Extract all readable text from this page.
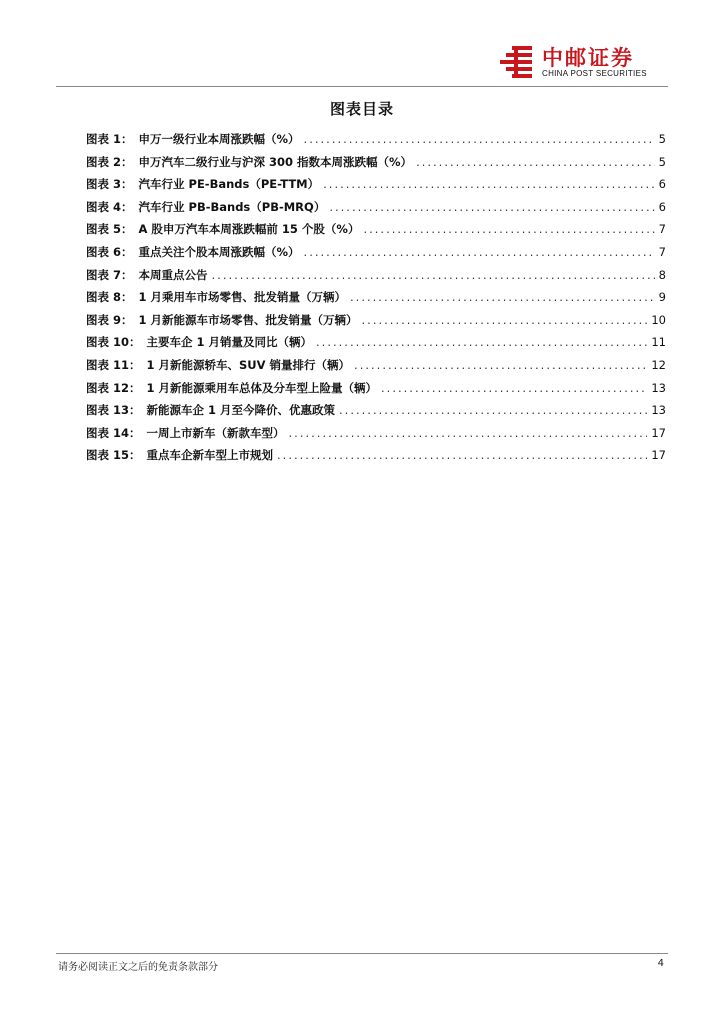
中邮证券
CHINA POST SECURITIES
图表目录
图表 1： 申万一级行业本周涨跌幅（%） .....	5
图表 2： 申万汽车二级行业与沪深 300 指数本周涨跌幅（%） .....	5
图表 3： 汽车行业 PE-Bands（PE-TTM） .....	6
图表 4： 汽车行业 PB-Bands（PB-MRQ） .....	6
图表 5： A 股申万汽车本周涨跌幅前 15 个股（%） .....	7
图表 6： 重点关注个股本周涨跌幅（%） .....	7
图表 7： 本周重点公告 .....	8
图表 8： 1 月乘用车市场零售、批发销量（万辆） .....	9
图表 9： 1 月新能源车市场零售、批发销量（万辆） .....	10
图表 10： 主要车企 1 月销量及同比（辆） .....	11
图表 11： 1 月新能源轿车、SUV 销量排行（辆） .....	12
图表 12： 1 月新能源乘用车总体及分车型上险量（辆） .....	13
图表 13： 新能源车企 1 月至今降价、优惠政策 .....	13
图表 14： 一周上市新车（新款车型） .....	17
图表 15： 重点车企新车型上市规划 .....	17
请务必阅读正文之后的免责条款部分	4
